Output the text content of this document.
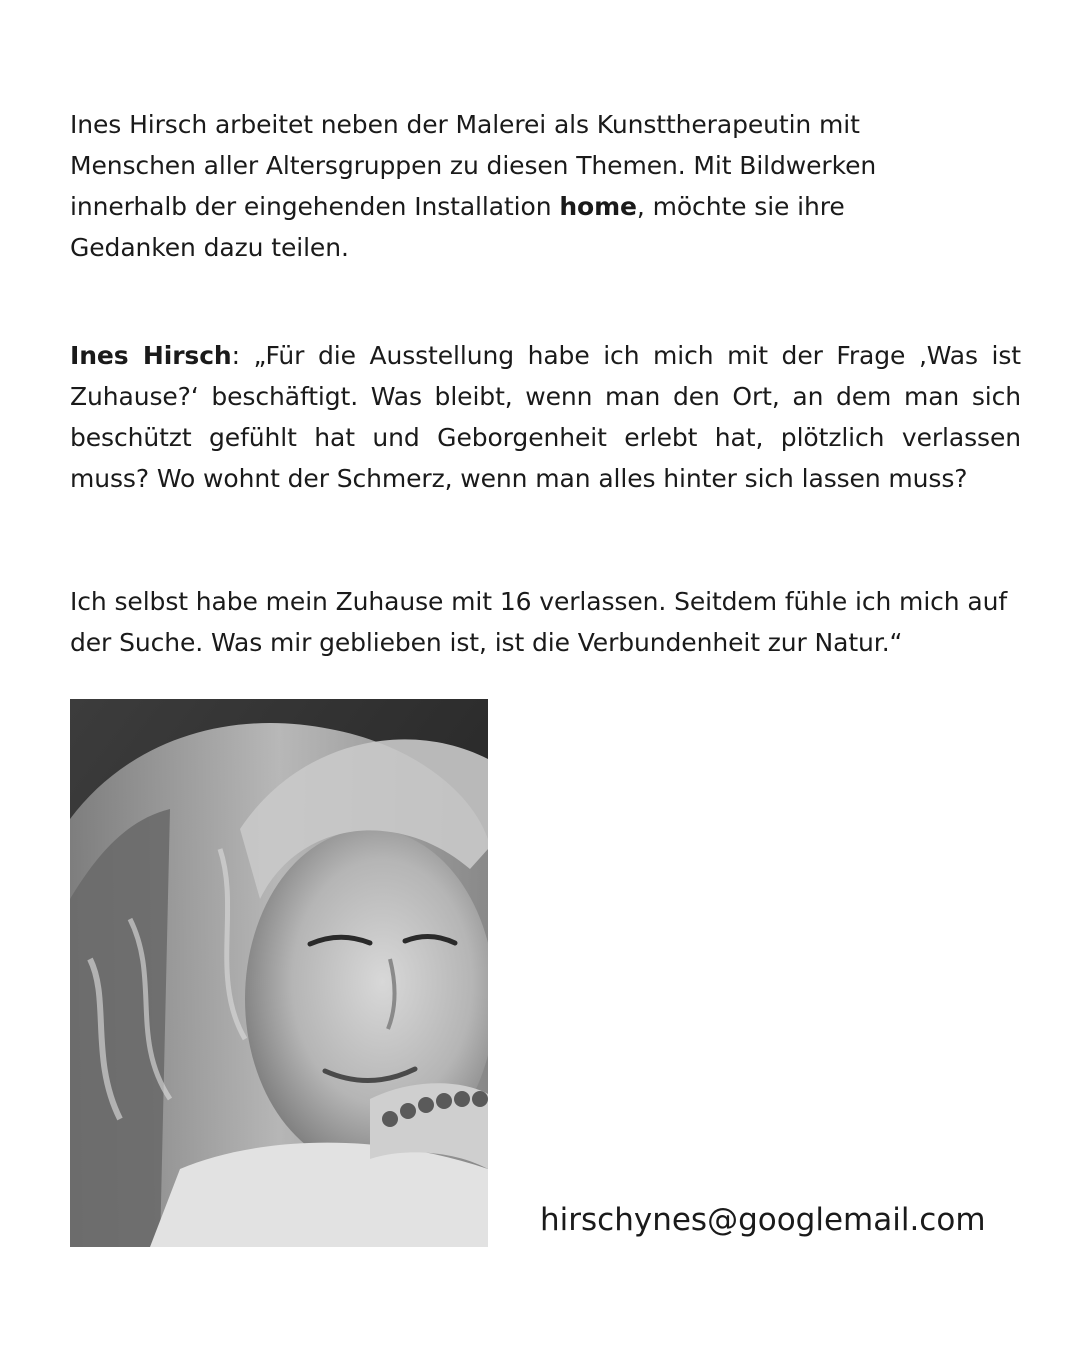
Ines Hirsch arbeitet neben der Malerei als Kunsttherapeutin mit Menschen aller Altersgruppen zu diesen Themen. Mit Bildwerken innerhalb der eingehenden Installation home, möchte sie ihre Gedanken dazu teilen.

Ines Hirsch: „Für die Ausstellung habe ich mich mit der Frage ‚Was ist Zuhause?‘ beschäftigt. Was bleibt, wenn man den Ort, an dem man sich beschützt gefühlt hat und Geborgenheit erlebt hat, plötzlich verlassen muss? Wo wohnt der Schmerz, wenn man alles hinter sich lassen muss?

Ich selbst habe mein Zuhause mit 16 verlassen. Seitdem fühle ich mich auf der Suche. Was mir geblieben ist, ist die Verbundenheit zur Natur.“

hirschynes@googlemail.com
